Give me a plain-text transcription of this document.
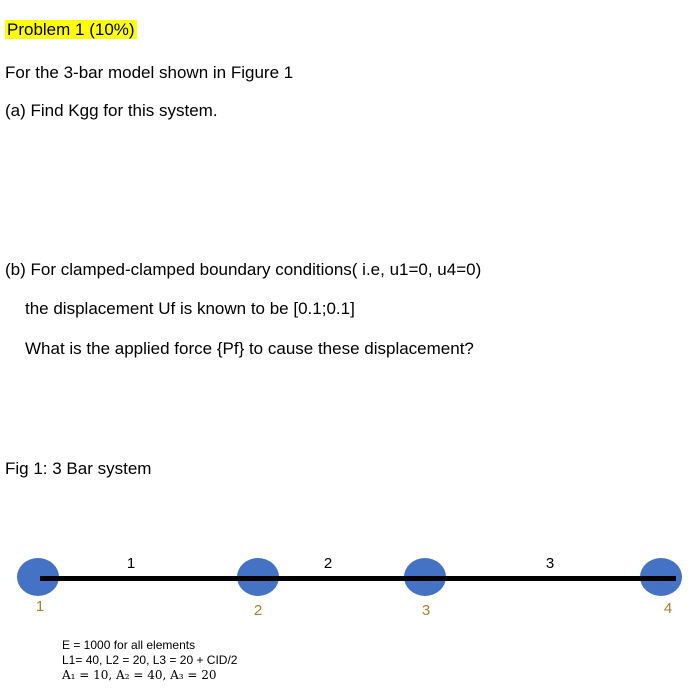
Problem 1 (10%)
For the 3-bar model shown in Figure 1
(a) Find Kgg for this system.
(b) For clamped-clamped boundary conditions( i.e, u1=0, u4=0)
the displacement Uf is known to be [0.1;0.1]
What is the applied force {Pf} to cause these displacement?
Fig 1: 3 Bar system
1	2	3
1	2	3	4
E = 1000 for all elements
L1= 40, L2 = 20, L3 = 20 + CID/2
A₁ = 10, A₂ = 40, A₃ = 20
